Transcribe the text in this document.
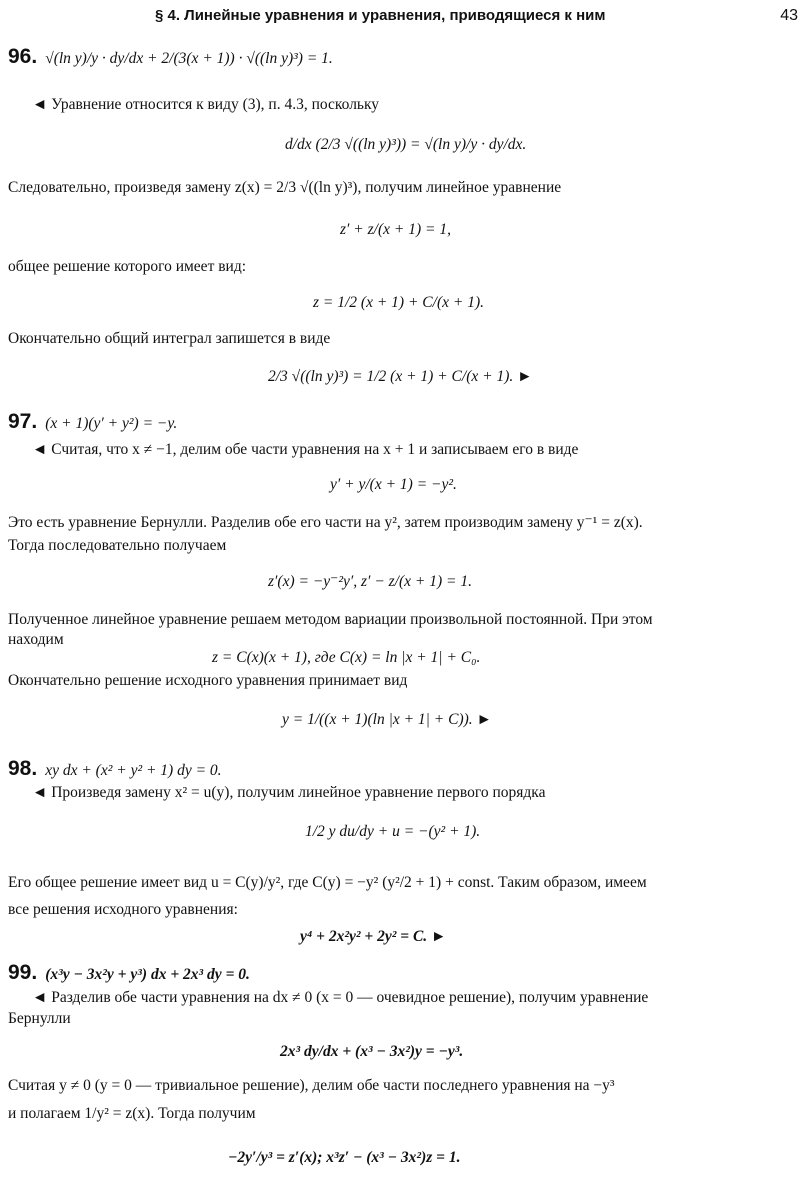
§ 4. Линейные уравнения и уравнения, приводящиеся к ним	43
96. √(ln y)/y · dy/dx + 2/(3(x + 1)) · √((ln y)³) = 1.
◄ Уравнение относится к виду (3), п. 4.3, поскольку
d/dx (2/3 √((ln y)³)) = √(ln y)/y · dy/dx.
Следовательно, произведя замену z(x) = 2/3 √((ln y)³), получим линейное уравнение
z′ + z/(x + 1) = 1,
общее решение которого имеет вид:
z = 1/2 (x + 1) + C/(x + 1).
Окончательно общий интеграл запишется в виде
2/3 √((ln y)³) = 1/2 (x + 1) + C/(x + 1). ►
97. (x + 1)(y′ + y²) = −y.
◄ Считая, что x ≠ −1, делим обе части уравнения на x + 1 и записываем его в виде
y′ + y/(x + 1) = −y².
Это есть уравнение Бернулли. Разделив обе его части на y², затем производим замену y⁻¹ = z(x).
Тогда последовательно получаем
z′(x) = −y⁻²y′, z′ − z/(x + 1) = 1.
Полученное линейное уравнение решаем методом вариации произвольной постоянной. При этом
находим
z = C(x)(x + 1), где C(x) = ln |x + 1| + C₀.
Окончательно решение исходного уравнения принимает вид
y = 1/((x + 1)(ln |x + 1| + C)). ►
98. xy dx + (x² + y² + 1) dy = 0.
◄ Произведя замену x² = u(y), получим линейное уравнение первого порядка
1/2 y du/dy + u = −(y² + 1).
Его общее решение имеет вид u = C(y)/y², где C(y) = −y² (y²/2 + 1) + const. Таким образом, имеем
все решения исходного уравнения:
y⁴ + 2x²y² + 2y² = C. ►
99. (x³y − 3x²y + y³) dx + 2x³ dy = 0.
◄ Разделив обе части уравнения на dx ≠ 0 (x = 0 — очевидное решение), получим уравнение
Бернулли
2x³ dy/dx + (x³ − 3x²)y = −y³.
Считая y ≠ 0 (y = 0 — тривиальное решение), делим обе части последнего уравнения на −y³
и полагаем 1/y² = z(x). Тогда получим
−2y′/y³ = z′(x); x³z′ − (x³ − 3x²)z = 1.
